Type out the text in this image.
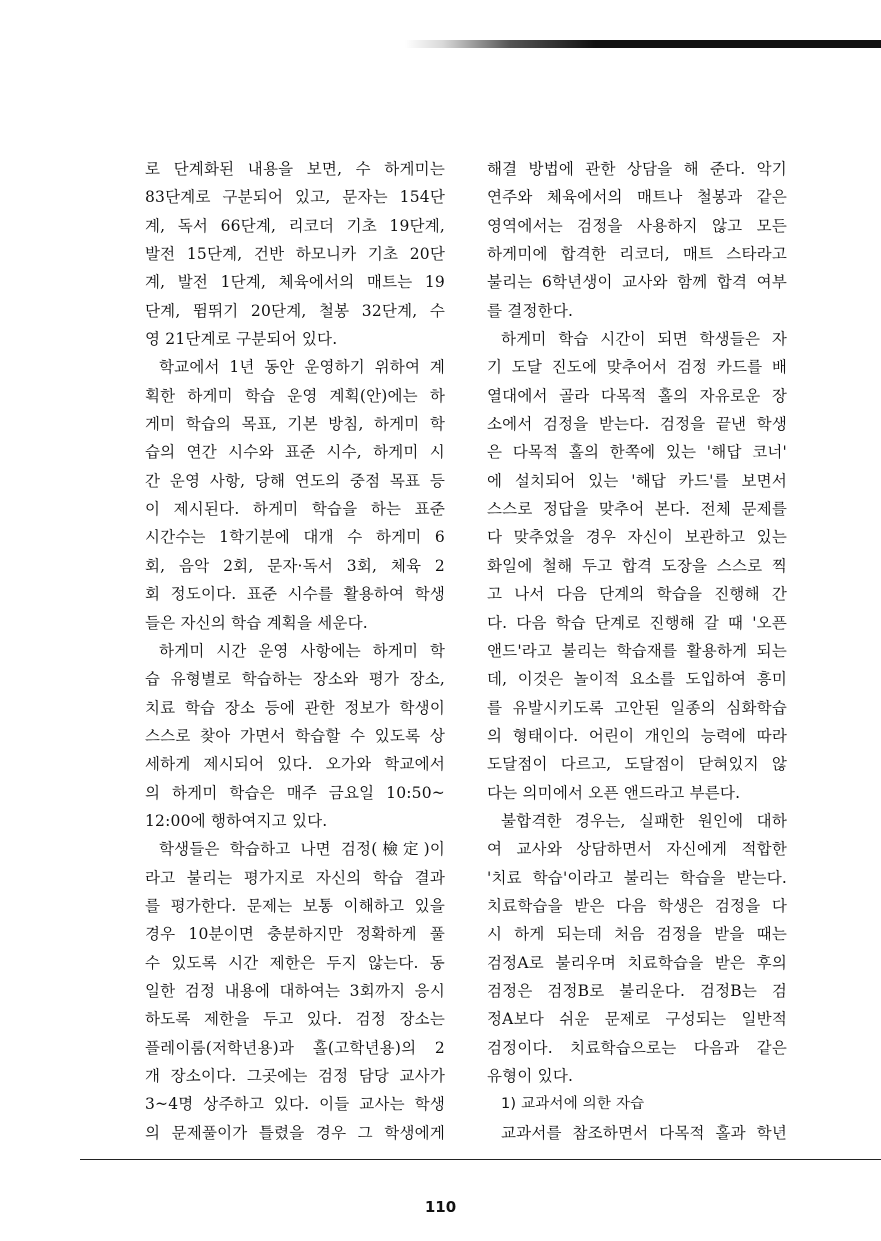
로 단계화된 내용을 보면, 수 하게미는
83단계로 구분되어 있고, 문자는 154단
계, 독서 66단계, 리코더 기초 19단계,
발전 15단계, 건반 하모니카 기초 20단
계, 발전 1단계, 체육에서의 매트는 19
단계, 뜀뛰기 20단계, 철봉 32단계, 수
영 21단계로 구분되어 있다.
학교에서 1년 동안 운영하기 위하여 계
획한 하게미 학습 운영 계획(안)에는 하
게미 학습의 목표, 기본 방침, 하게미 학
습의 연간 시수와 표준 시수, 하게미 시
간 운영 사항, 당해 연도의 중점 목표 등
이 제시된다. 하게미 학습을 하는 표준
시간수는 1학기분에 대개 수 하게미 6
회, 음악 2회, 문자·독서 3회, 체육 2
회 정도이다. 표준 시수를 활용하여 학생
들은 자신의 학습 계획을 세운다.
하게미 시간 운영 사항에는 하게미 학
습 유형별로 학습하는 장소와 평가 장소,
치료 학습 장소 등에 관한 정보가 학생이
스스로 찾아 가면서 학습할 수 있도록 상
세하게 제시되어 있다. 오가와 학교에서
의 하게미 학습은 매주 금요일 10:50~
12:00에 행하여지고 있다.
학생들은 학습하고 나면 검정(檢定)이
라고 불리는 평가지로 자신의 학습 결과
를 평가한다. 문제는 보통 이해하고 있을
경우 10분이면 충분하지만 정확하게 풀
수 있도록 시간 제한은 두지 않는다. 동
일한 검정 내용에 대하여는 3회까지 응시
하도록 제한을 두고 있다. 검정 장소는
플레이룸(저학년용)과 홀(고학년용)의 2
개 장소이다. 그곳에는 검정 담당 교사가
3~4명 상주하고 있다. 이들 교사는 학생
의 문제풀이가 틀렸을 경우 그 학생에게
해결 방법에 관한 상담을 해 준다. 악기
연주와 체육에서의 매트나 철봉과 같은
영역에서는 검정을 사용하지 않고 모든
하게미에 합격한 리코더, 매트 스타라고
불리는 6학년생이 교사와 함께 합격 여부
를 결정한다.
하게미 학습 시간이 되면 학생들은 자
기 도달 진도에 맞추어서 검정 카드를 배
열대에서 골라 다목적 홀의 자유로운 장
소에서 검정을 받는다. 검정을 끝낸 학생
은 다목적 홀의 한쪽에 있는 '해답 코너'
에 설치되어 있는 '해답 카드'를 보면서
스스로 정답을 맞추어 본다. 전체 문제를
다 맞추었을 경우 자신이 보관하고 있는
화일에 철해 두고 합격 도장을 스스로 찍
고 나서 다음 단계의 학습을 진행해 간
다. 다음 학습 단계로 진행해 갈 때 '오픈
앤드'라고 불리는 학습재를 활용하게 되는
데, 이것은 놀이적 요소를 도입하여 흥미
를 유발시키도록 고안된 일종의 심화학습
의 형태이다. 어린이 개인의 능력에 따라
도달점이 다르고, 도달점이 닫혀있지 않
다는 의미에서 오픈 앤드라고 부른다.
불합격한 경우는, 실패한 원인에 대하
여 교사와 상담하면서 자신에게 적합한
'치료 학습'이라고 불리는 학습을 받는다.
치료학습을 받은 다음 학생은 검정을 다
시 하게 되는데 처음 검정을 받을 때는
검정A로 불리우며 치료학습을 받은 후의
검정은 검정B로 불리운다. 검정B는 검
정A보다 쉬운 문제로 구성되는 일반적
검정이다. 치료학습으로는 다음과 같은
유형이 있다.
1) 교과서에 의한 자습
교과서를 참조하면서 다목적 홀과 학년
110
